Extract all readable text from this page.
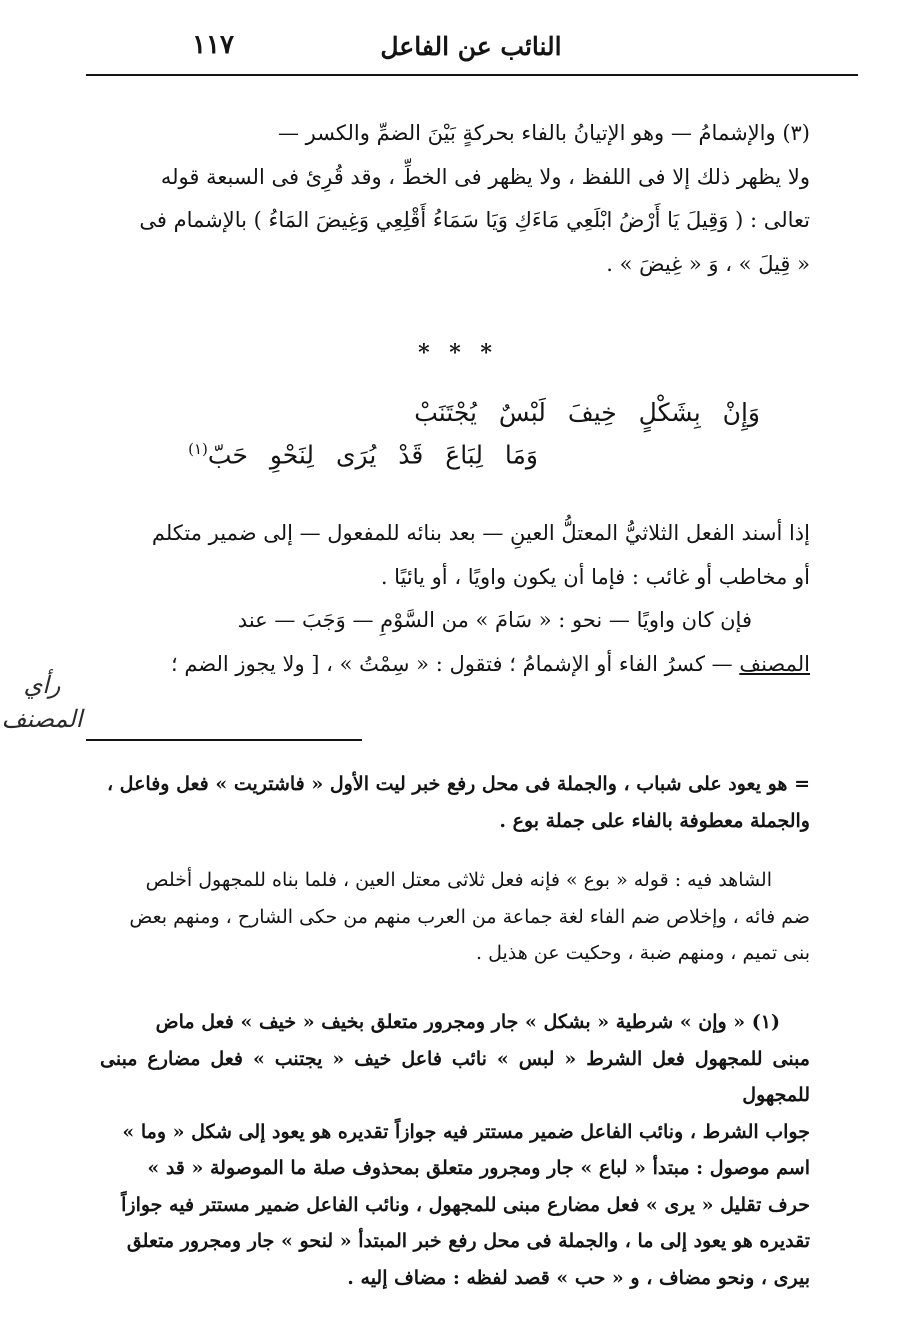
النائب عن الفاعل
١١٧

(٣) والإشمامُ — وهو الإتيانُ بالفاء بحركةٍ بَيْنَ الضمِّ والكسر —

ولا يظهر ذلك إلا فى اللفظ ، ولا يظهر فى الخطِّ ، وقد قُرِئ فى السبعة قوله

تعالى : ( وَقِيلَ يَا أَرْضُ ابْلَعِي مَاءَكِ وَيَا سَمَاءُ أَقْلِعِي وَغِيضَ المَاءُ ) بالإشمام فى

« قِيلَ » ، وَ « غِيضَ » .

* * *
وَإِنْ بِشَكْلٍ خِيفَ لَبْسٌ يُجْتَنَبْ
وَمَا لِبَاعَ قَدْ يُرَى لِنَحْوِ حَبّ$^{(١)}$

إذا أسند الفعل الثلاثيُّ المعتلُّ العينِ — بعد بنائه للمفعول — إلى ضمير متكلم

أو مخاطب أو غائب : فإما أن يكون واويًا ، أو يائيًا .

فإن كان واويًا — نحو : « سَامَ » من السَّوْمِ — وَجَبَ — عند

المصنف — كسرُ الفاء أو الإشمامُ ؛ فتقول : « سِمْتُ » ، [ ولا يجوز الضم ؛

رأي
المصنف

= هو يعود على شباب ، والجملة فى محل رفع خبر ليت الأول « فاشتريت » فعل وفاعل ،

والجملة معطوفة بالفاء على جملة بوع .

الشاهد فيه : قوله « بوع » فإنه فعل ثلاثى معتل العين ، فلما بناه للمجهول أخلص

ضم فائه ، وإخلاص ضم الفاء لغة جماعة من العرب منهم من حكى الشارح ، ومنهم بعض

بنى تميم ، ومنهم ضبة ، وحكيت عن هذيل .

(١) « وإن » شرطية « بشكل » جار ومجرور متعلق بخيف « خيف » فعل ماض

مبنى للمجهول فعل الشرط « لبس » نائب فاعل خيف « يجتنب » فعل مضارع مبنى للمجهول

جواب الشرط ، ونائب الفاعل ضمير مستتر فيه جوازاً تقديره هو يعود إلى شكل « وما »

اسم موصول : مبتدأ « لباع » جار ومجرور متعلق بمحذوف صلة ما الموصولة « قد »

حرف تقليل « يرى » فعل مضارع مبنى للمجهول ، ونائب الفاعل ضمير مستتر فيه جوازاً

تقديره هو يعود إلى ما ، والجملة فى محل رفع خبر المبتدأ « لنحو » جار ومجرور متعلق

بيرى ، ونحو مضاف ، و « حب » قصد لفظه : مضاف إليه .
